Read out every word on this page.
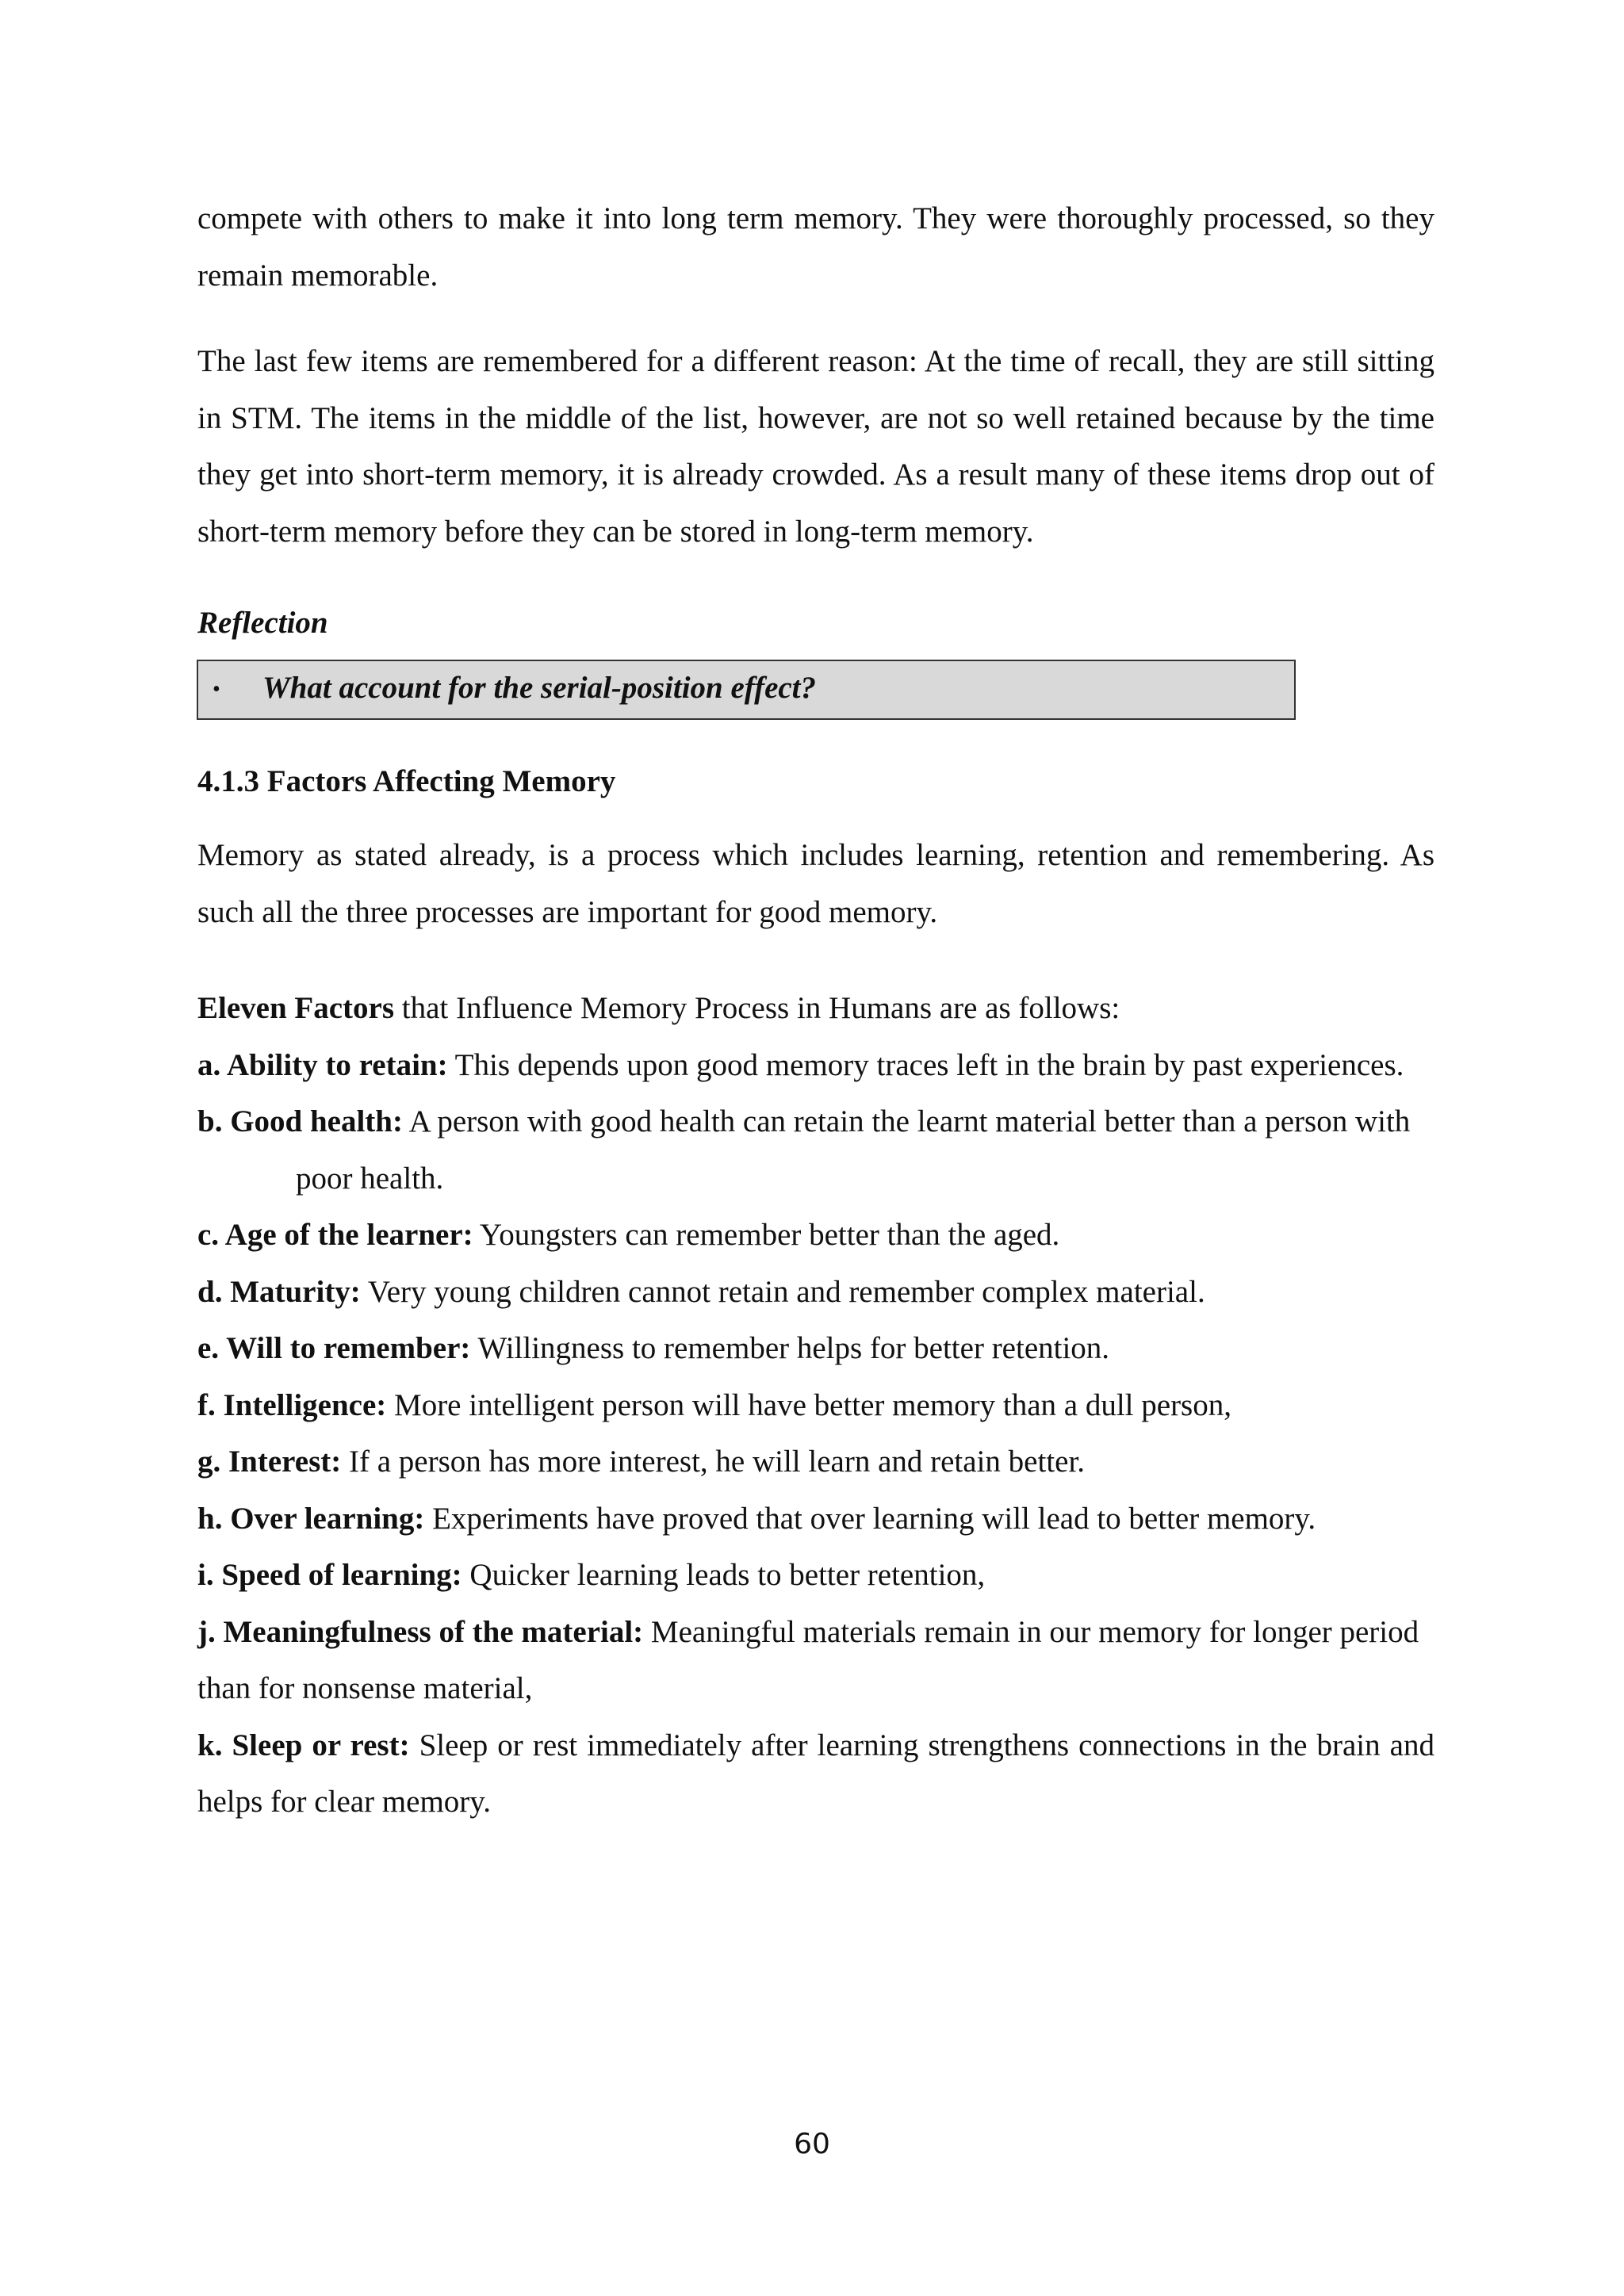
compete with others to make it into long term memory. They were thoroughly processed, so they remain memorable.

The last few items are remembered for a different reason: At the time of recall, they are still sitting in STM. The items in the middle of the list, however, are not so well retained because by the time they get into short-term memory, it is already crowded. As a result many of these items drop out of short-term memory before they can be stored in long-term memory.

Reflection

• What account for the serial-position effect?

4.1.3 Factors Affecting Memory

Memory as stated already, is a process which includes learning, retention and remembering. As such all the three processes are important for good memory.

Eleven Factors that Influence Memory Process in Humans are as follows:
a. Ability to retain: This depends upon good memory traces left in the brain by past experiences.
b. Good health: A person with good health can retain the learnt material better than a person with poor health.
c. Age of the learner: Youngsters can remember better than the aged.
d. Maturity: Very young children cannot retain and remember complex material.
e. Will to remember: Willingness to remember helps for better retention.
f. Intelligence: More intelligent person will have better memory than a dull person,
g. Interest: If a person has more interest, he will learn and retain better.
h. Over learning: Experiments have proved that over learning will lead to better memory.
i. Speed of learning: Quicker learning leads to better retention,
j. Meaningfulness of the material: Meaningful materials remain in our memory for longer period than for nonsense material,
k. Sleep or rest: Sleep or rest immediately after learning strengthens connections in the brain and helps for clear memory.
60
